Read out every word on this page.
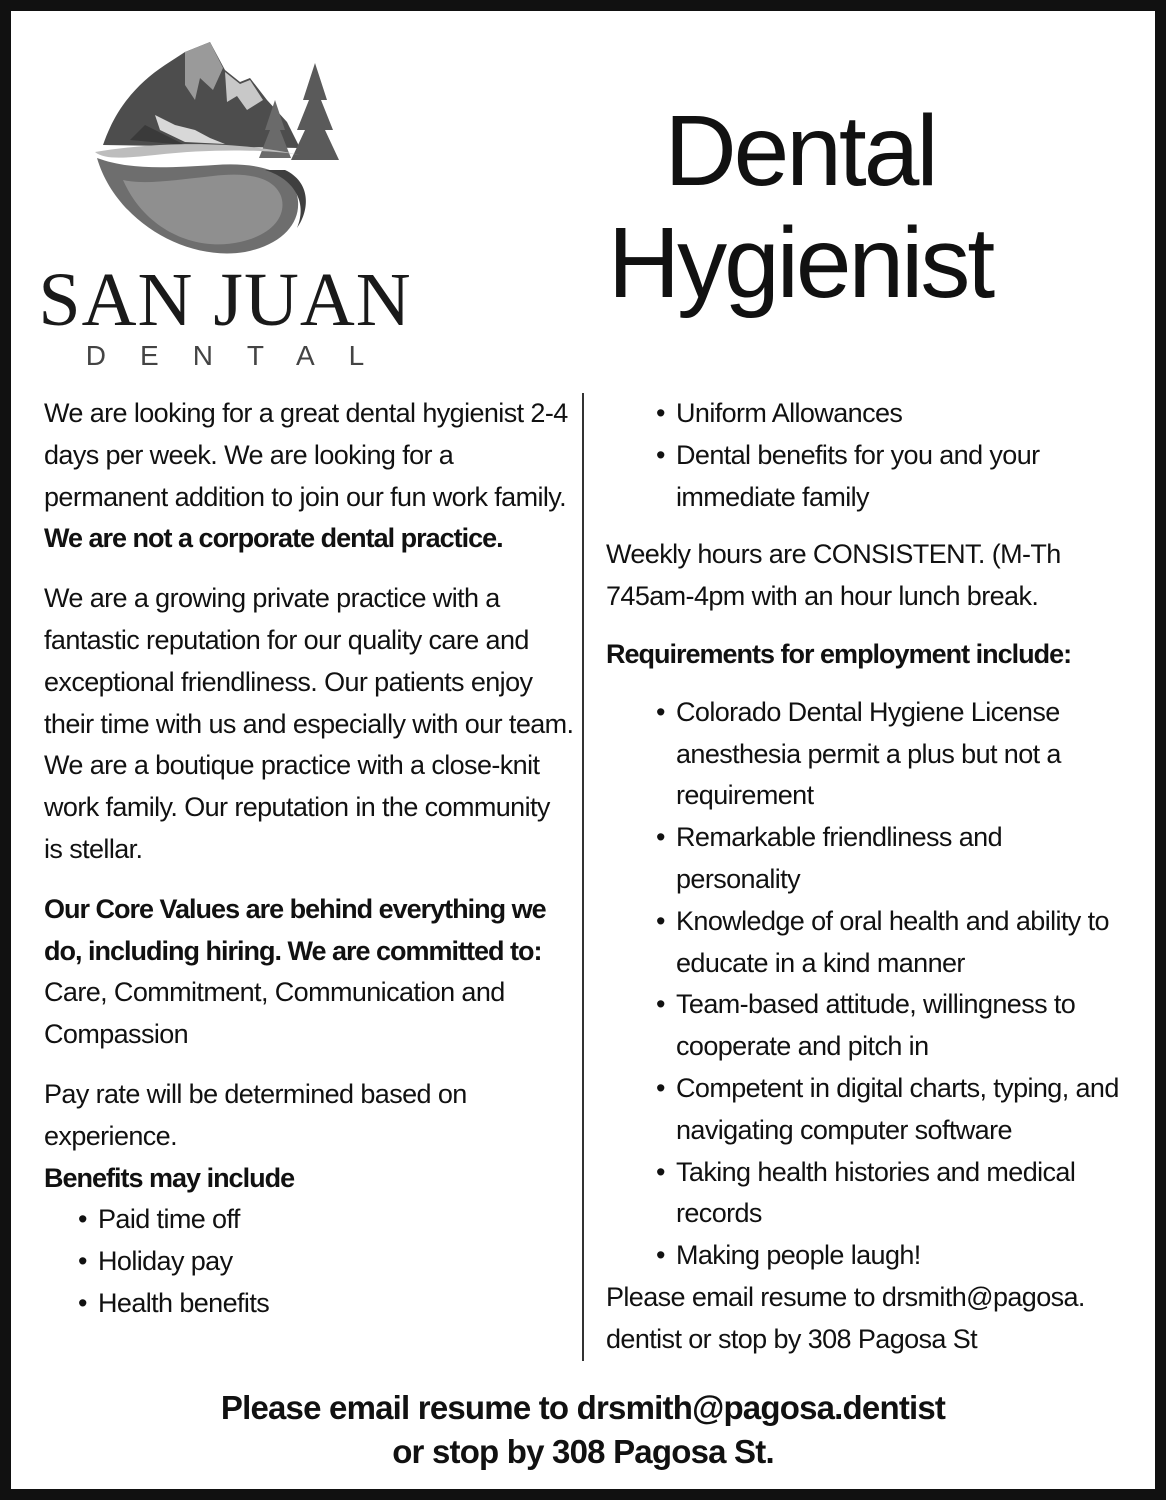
SAN JUAN
DENTAL
Dental
Hygienist

We are looking for a great dental hygienist 2-4 days per week. We are looking for a permanent addition to join our fun work family. We are not a corporate dental practice.

We are a growing private practice with a fantastic reputation for our quality care and exceptional friendliness. Our patients enjoy their time with us and especially with our team. We are a boutique practice with a close-knit work family. Our reputation in the community is stellar.

Our Core Values are behind everything we do, including hiring. We are committed to: Care, Commitment, Communication and Compassion

Pay rate will be determined based on experience.

Benefits may include

• Paid time off
• Holiday pay
• Health benefits
• Uniform Allowances
• Dental benefits for you and your immediate family

Weekly hours are CONSISTENT. (M-Th 745am-4pm with an hour lunch break.

Requirements for employment include:

• Colorado Dental Hygiene License anesthesia permit a plus but not a requirement
• Remarkable friendliness and personality
• Knowledge of oral health and ability to educate in a kind manner
• Team-based attitude, willingness to cooperate and pitch in
• Competent in digital charts, typing, and navigating computer software
• Taking health histories and medical records
• Making people laugh!

Please email resume to drsmith@pagosa.

dentist or stop by 308 Pagosa St

Please email resume to drsmith@pagosa.dentist
or stop by 308 Pagosa St.
